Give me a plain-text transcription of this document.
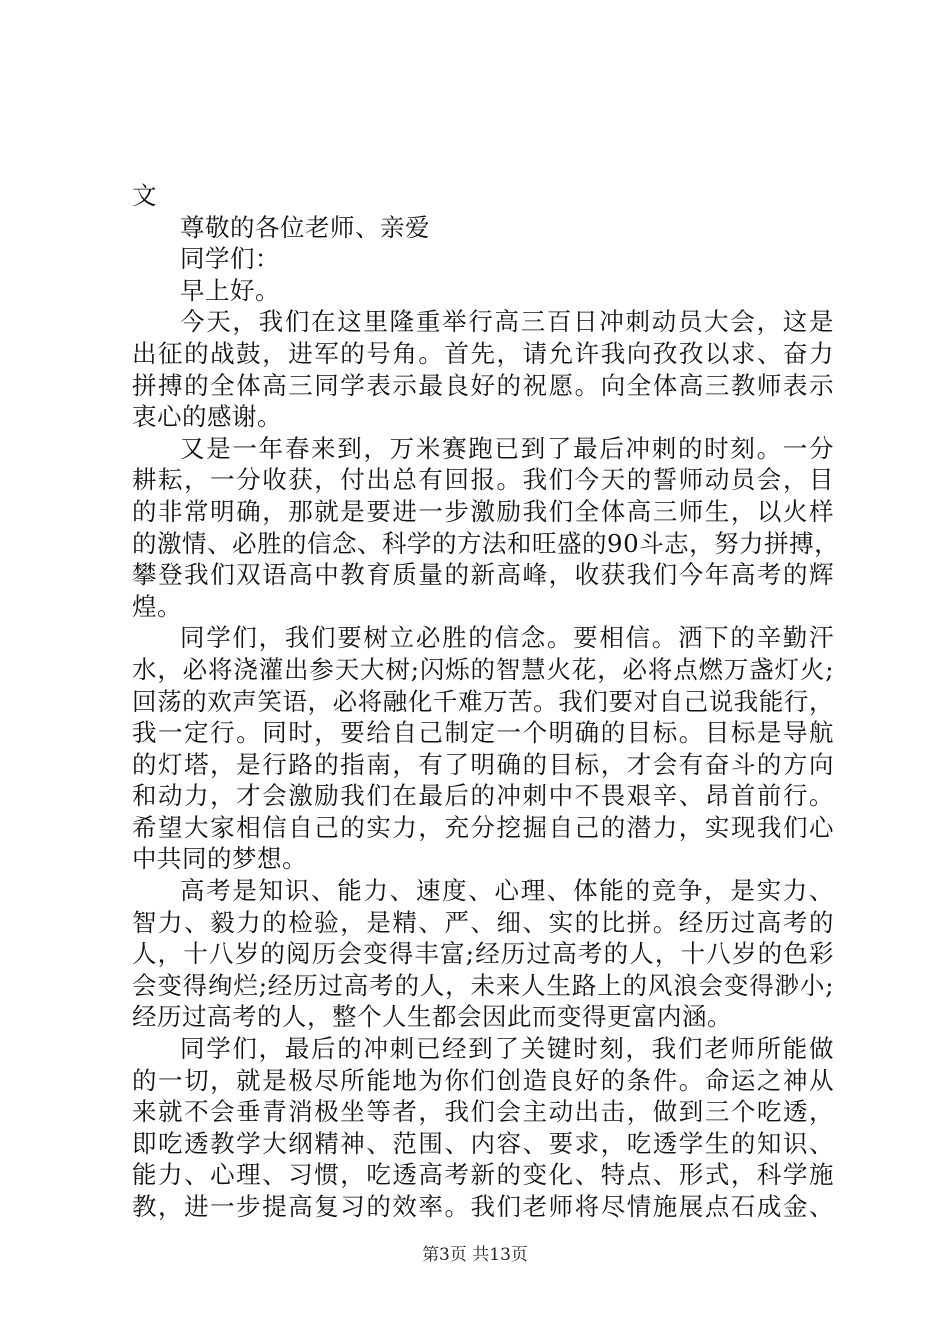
文
尊敬的各位老师、亲爱
同学们：
早上好。
今天，我们在这里隆重举行高三百日冲刺动员大会，这是
出征的战鼓，进军的号角。首先，请允许我向孜孜以求、奋力
拼搏的全体高三同学表示最良好的祝愿。向全体高三教师表示
衷心的感谢。
又是一年春来到，万米赛跑已到了最后冲刺的时刻。一分
耕耘，一分收获，付出总有回报。我们今天的誓师动员会，目
的非常明确，那就是要进一步激励我们全体高三师生，以火样
的激情、必胜的信念、科学的方法和旺盛的90斗志，努力拼搏，
攀登我们双语高中教育质量的新高峰，收获我们今年高考的辉
煌。
同学们，我们要树立必胜的信念。要相信。洒下的辛勤汗
水，必将浇灌出参天大树;闪烁的智慧火花，必将点燃万盏灯火;
回荡的欢声笑语，必将融化千难万苦。我们要对自己说我能行，
我一定行。同时，要给自己制定一个明确的目标。目标是导航
的灯塔，是行路的指南，有了明确的目标，才会有奋斗的方向
和动力，才会激励我们在最后的冲刺中不畏艰辛、昂首前行。
希望大家相信自己的实力，充分挖掘自己的潜力，实现我们心
中共同的梦想。
高考是知识、能力、速度、心理、体能的竞争，是实力、
智力、毅力的检验，是精、严、细、实的比拼。经历过高考的
人，十八岁的阅历会变得丰富;经历过高考的人，十八岁的色彩
会变得绚烂;经历过高考的人，未来人生路上的风浪会变得渺小;
经历过高考的人，整个人生都会因此而变得更富内涵。
同学们，最后的冲刺已经到了关键时刻，我们老师所能做
的一切，就是极尽所能地为你们创造良好的条件。命运之神从
来就不会垂青消极坐等者，我们会主动出击，做到三个吃透，
即吃透教学大纲精神、范围、内容、要求，吃透学生的知识、
能力、心理、习惯，吃透高考新的变化、特点、形式，科学施
教，进一步提高复习的效率。我们老师将尽情施展点石成金、
第3页 共13页
